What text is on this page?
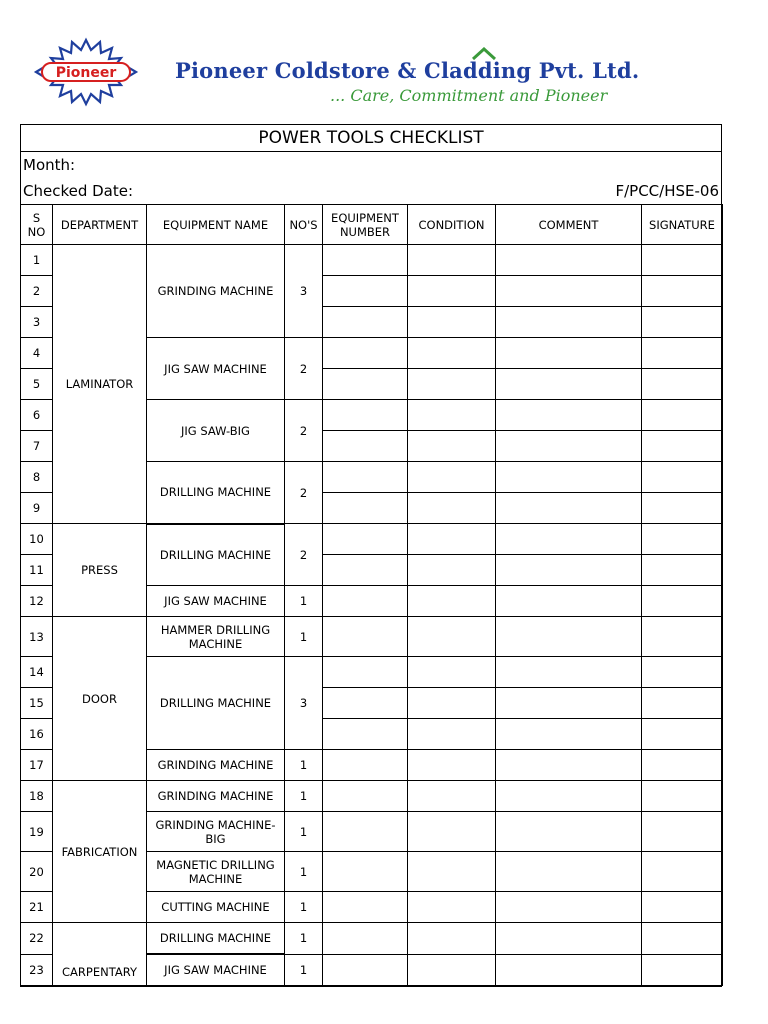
Pioneer	Pioneer Coldstore & Cladding Pvt. Ltd.
... Care, Commitment and Pioneer
POWER TOOLS CHECKLIST
Month:
Checked Date:	F/PCC/HSE-06
S NO	DEPARTMENT	EQUIPMENT NAME	NO'S	EQUIPMENT NUMBER	CONDITION	COMMENT	SIGNATURE
1	LAMINATOR	GRINDING MACHINE	3				
2							
3							
4		JIG SAW MACHINE	2				
5							
6		JIG SAW-BIG	2				
7							
8		DRILLING MACHINE	2				
9							
10	PRESS	DRILLING MACHINE	2				
11							
12		JIG SAW MACHINE	1				
13	DOOR	HAMMER DRILLING MACHINE	1				
14		DRILLING MACHINE	3				
15							
16							
17		GRINDING MACHINE	1				
18	FABRICATION	GRINDING MACHINE	1				
19		GRINDING MACHINE-BIG	1				
20		MAGNETIC DRILLING MACHINE	1				
21		CUTTING MACHINE	1				
22	CARPENTARY	DRILLING MACHINE	1				
23		JIG SAW MACHINE	1				
